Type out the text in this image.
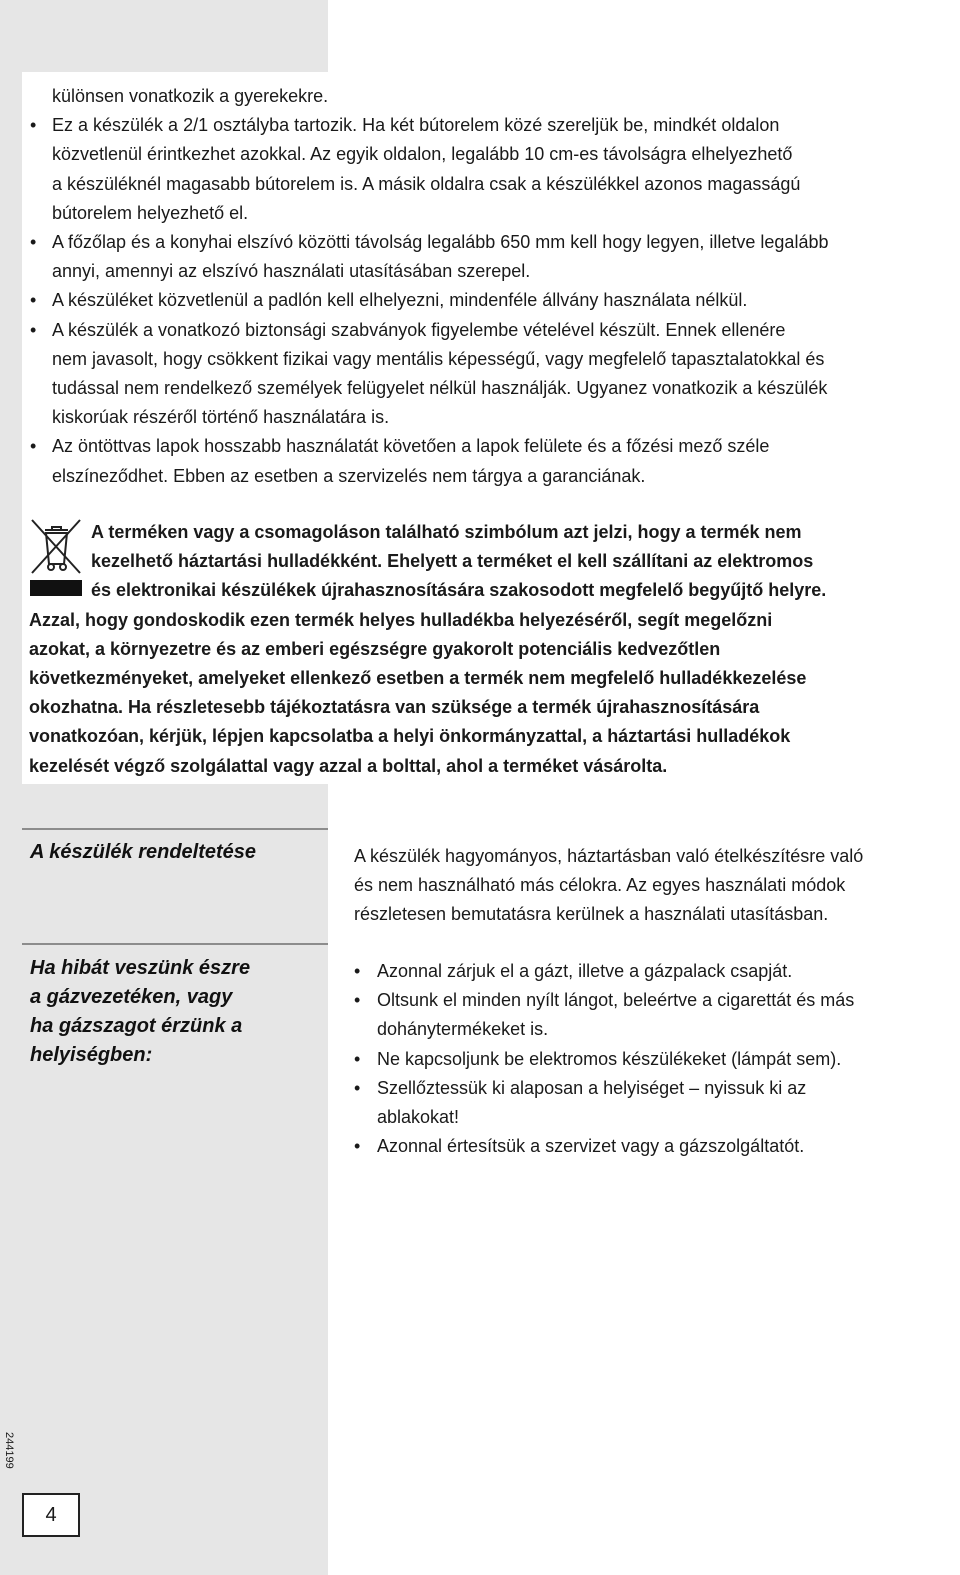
különsen vonatkozik a gyerekekre.
• Ez a készülék a 2/1 osztályba tartozik. Ha két bútorelem közé szereljük be, mindkét oldalon
közvetlenül érintkezhet azokkal. Az egyik oldalon, legalább 10 cm-es távolságra elhelyezhető
a készüléknél magasabb bútorelem is. A másik oldalra csak a készülékkel azonos magasságú
bútorelem helyezhető el.
• A főzőlap és a konyhai elszívó közötti távolság legalább 650 mm kell hogy legyen, illetve legalább
annyi, amennyi az elszívó használati utasításában szerepel.
• A készüléket közvetlenül a padlón kell elhelyezni, mindenféle állvány használata nélkül.
• A készülék a vonatkozó biztonsági szabványok figyelembe vételével készült. Ennek ellenére
nem javasolt, hogy csökkent fizikai vagy mentális képességű, vagy megfelelő tapasztalatokkal és
tudással nem rendelkező személyek felügyelet nélkül használják. Ugyanez vonatkozik a készülék
kiskorúak részéről történő használatára is.
• Az öntöttvas lapok hosszabb használatát követően a lapok felülete és a főzési mező széle
elszíneződhet. Ebben az esetben a szervizelés nem tárgya a garanciának.
A terméken vagy a csomagoláson található szimbólum azt jelzi, hogy a termék nem
kezelhető háztartási hulladékként. Ehelyett a terméket el kell szállítani az elektromos
és elektronikai készülékek újrahasznosítására szakosodott megfelelő begyűjtő helyre.
Azzal, hogy gondoskodik ezen termék helyes hulladékba helyezéséről, segít megelőzni
azokat, a környezetre és az emberi egészségre gyakorolt potenciális kedvezőtlen
következményeket, amelyeket ellenkező esetben a termék nem megfelelő hulladékkezelése
okozhatna. Ha részletesebb tájékoztatásra van szüksége a termék újrahasznosítására
vonatkozóan, kérjük, lépjen kapcsolatba a helyi önkormányzattal, a háztartási hulladékok
kezelését végző szolgálattal vagy azzal a bolttal, ahol a terméket vásárolta.
A készülék rendeltetése	A készülék hagyományos, háztartásban való ételkészítésre való
és nem használható más célokra. Az egyes használati módok
részletesen bemutatásra kerülnek a használati utasításban.
Ha hibát veszünk észre
a gázvezetéken, vagy
ha gázszagot érzünk a
helyiségben:
• Azonnal zárjuk el a gázt, illetve a gázpalack csapját.
• Oltsunk el minden nyílt lángot, beleértve a cigarettát és más
dohánytermékeket is.
• Ne kapcsoljunk be elektromos készülékeket (lámpát sem).
• Szellőztessük ki alaposan a helyiséget – nyissuk ki az
ablakokat!
• Azonnal értesítsük a szervizet vagy a gázszolgáltatót.
244199
4
